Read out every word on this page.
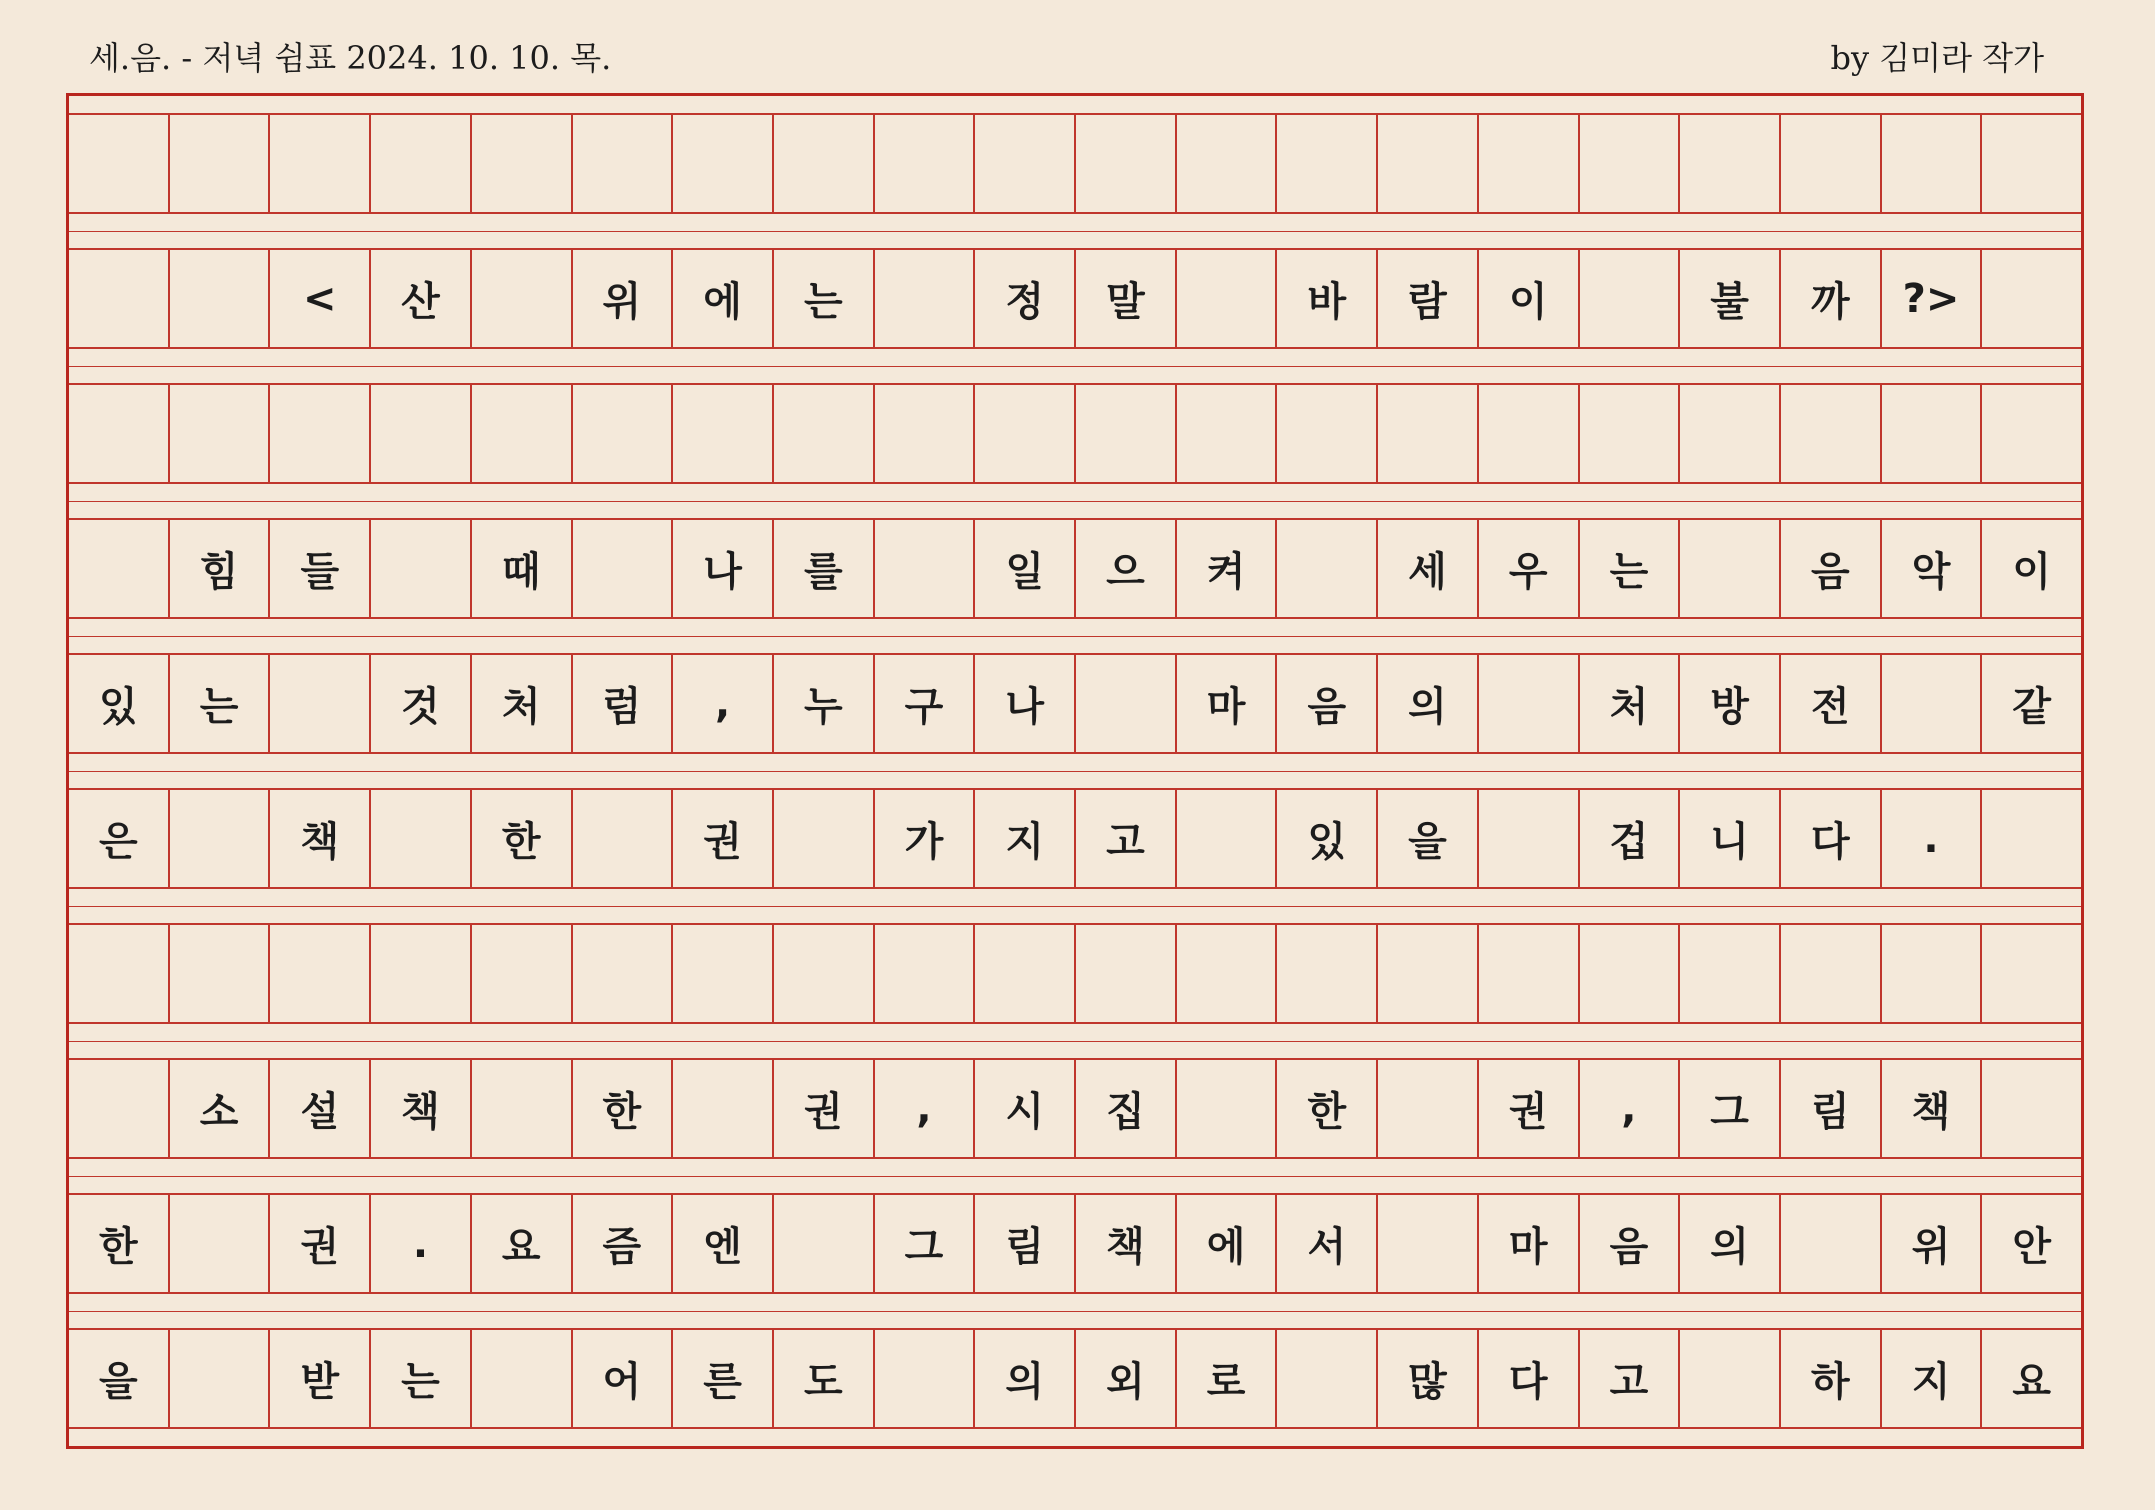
세.음. - 저녁 쉼표 2024. 10. 10. 목.	by 김미라 작가
<	산	위	에	는	정	말	바	람	이	불	까	?>
힘	들	때	나	를	일	으	켜	세	우	는	음	악	이
있	는	것	처	럼	,	누	구	나	마	음	의	처	방	전	같
은	책	한	권	가	지	고	있	을	겁	니	다	.
소	설	책	한	권	,	시	집	한	권	,	그	림	책
한	권	.	요	즘	엔	그	림	책	에	서	마	음	의	위	안
을	받	는	어	른	도	의	외	로	많	다	고	하	지	요
